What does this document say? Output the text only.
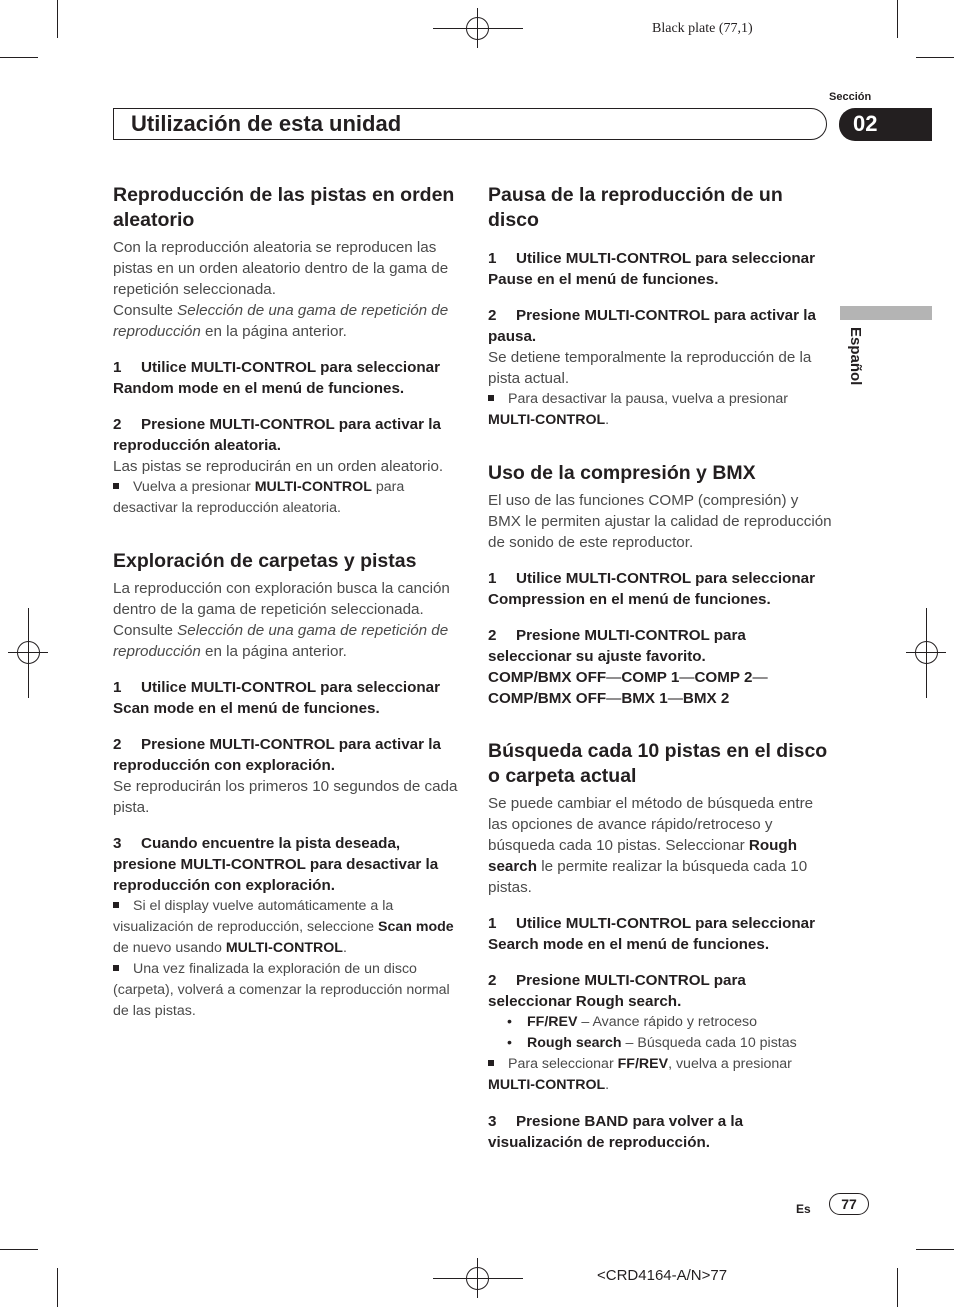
Black plate (77,1)
Sección
Utilización de esta unidad	02
Español
Reproducción de las pistas en orden aleatorio

Con la reproducción aleatoria se reproducen las pistas en un orden aleatorio dentro de la gama de repetición seleccionada.

Consulte Selección de una gama de repetición de reproducción en la página anterior.

1 Utilice MULTI-CONTROL para seleccionar Random mode en el menú de funciones.

2 Presione MULTI-CONTROL para activar la reproducción aleatoria.

Las pistas se reproducirán en un orden aleatorio.

Vuelva a presionar MULTI-CONTROL para desactivar la reproducción aleatoria.

Exploración de carpetas y pistas

La reproducción con exploración busca la canción dentro de la gama de repetición seleccionada.

Consulte Selección de una gama de repetición de reproducción en la página anterior.

1 Utilice MULTI-CONTROL para seleccionar Scan mode en el menú de funciones.

2 Presione MULTI-CONTROL para activar la reproducción con exploración.

Se reproducirán los primeros 10 segundos de cada pista.

3 Cuando encuentre la pista deseada, presione MULTI-CONTROL para desactivar la reproducción con exploración.

Si el display vuelve automáticamente a la visualización de reproducción, seleccione Scan mode de nuevo usando MULTI-CONTROL.

Una vez finalizada la exploración de un disco (carpeta), volverá a comenzar la reproducción normal de las pistas.

Pausa de la reproducción de un disco

1 Utilice MULTI-CONTROL para seleccionar Pause en el menú de funciones.

2 Presione MULTI-CONTROL para activar la pausa.

Se detiene temporalmente la reproducción de la pista actual.

Para desactivar la pausa, vuelva a presionar MULTI-CONTROL.

Uso de la compresión y BMX

El uso de las funciones COMP (compresión) y BMX le permiten ajustar la calidad de reproducción de sonido de este reproductor.

1 Utilice MULTI-CONTROL para seleccionar Compression en el menú de funciones.

2 Presione MULTI-CONTROL para seleccionar su ajuste favorito.

COMP/BMX OFF—COMP 1—COMP 2—
COMP/BMX OFF—BMX 1—BMX 2

Búsqueda cada 10 pistas en el disco o carpeta actual

Se puede cambiar el método de búsqueda entre las opciones de avance rápido/retroceso y búsqueda cada 10 pistas. Seleccionar Rough search le permite realizar la búsqueda cada 10 pistas.

1 Utilice MULTI-CONTROL para seleccionar Search mode en el menú de funciones.

2 Presione MULTI-CONTROL para seleccionar Rough search.

• FF/REV – Avance rápido y retroceso

• Rough search – Búsqueda cada 10 pistas

Para seleccionar FF/REV, vuelva a presionar MULTI-CONTROL.

3 Presione BAND para volver a la visualización de reproducción.

Es	77
<CRD4164-A/N>77
